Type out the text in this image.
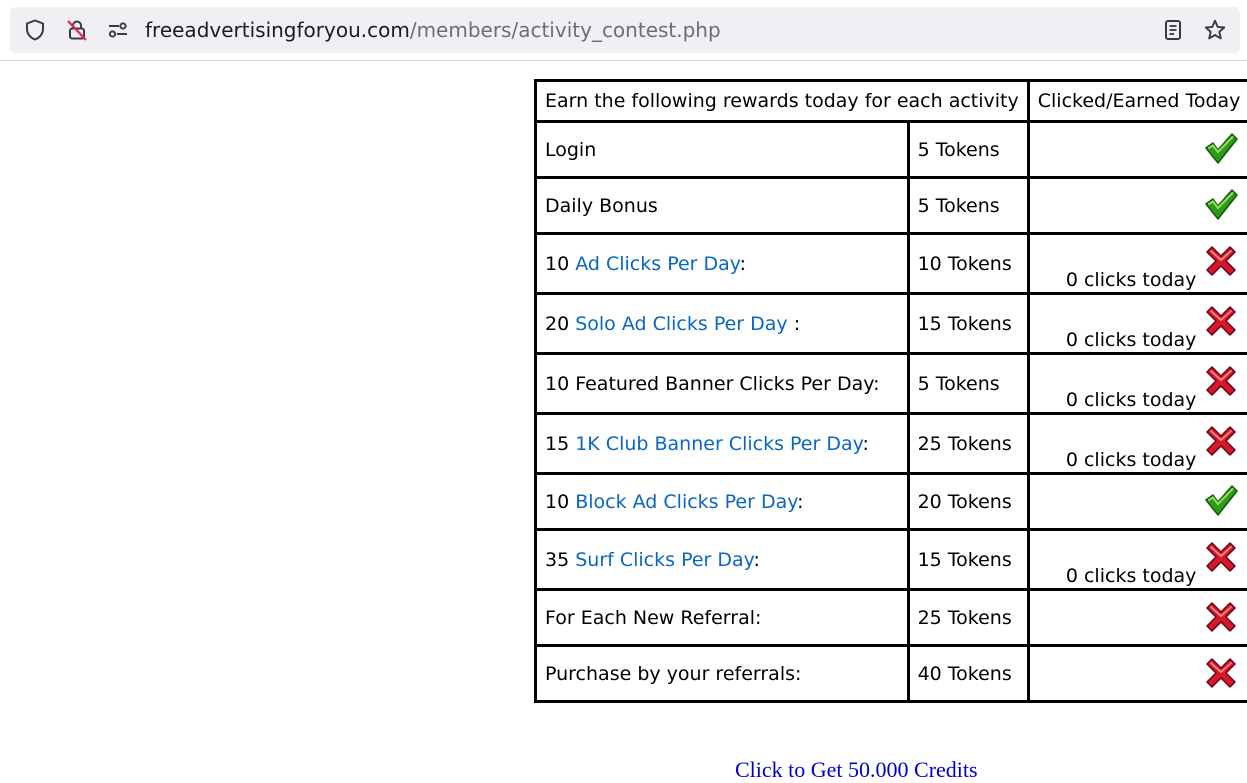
freeadvertisingforyou.com/members/activity_contest.php
Earn the following rewards today for each activity		Clicked/Earned Today
Login	5 Tokens	

Daily Bonus	5 Tokens	

10 Ad Clicks Per Day:	10 Tokens	0 clicks today

20 Solo Ad Clicks Per Day :	15 Tokens	0 clicks today

10 Featured Banner Clicks Per Day:	5 Tokens	0 clicks today

15 1K Club Banner Clicks Per Day:	25 Tokens	0 clicks today

10 Block Ad Clicks Per Day:	20 Tokens	

35 Surf Clicks Per Day:	15 Tokens	0 clicks today

For Each New Referral:	25 Tokens	

Purchase by your referrals:	40 Tokens	
Click to Get 50.000 Credits
